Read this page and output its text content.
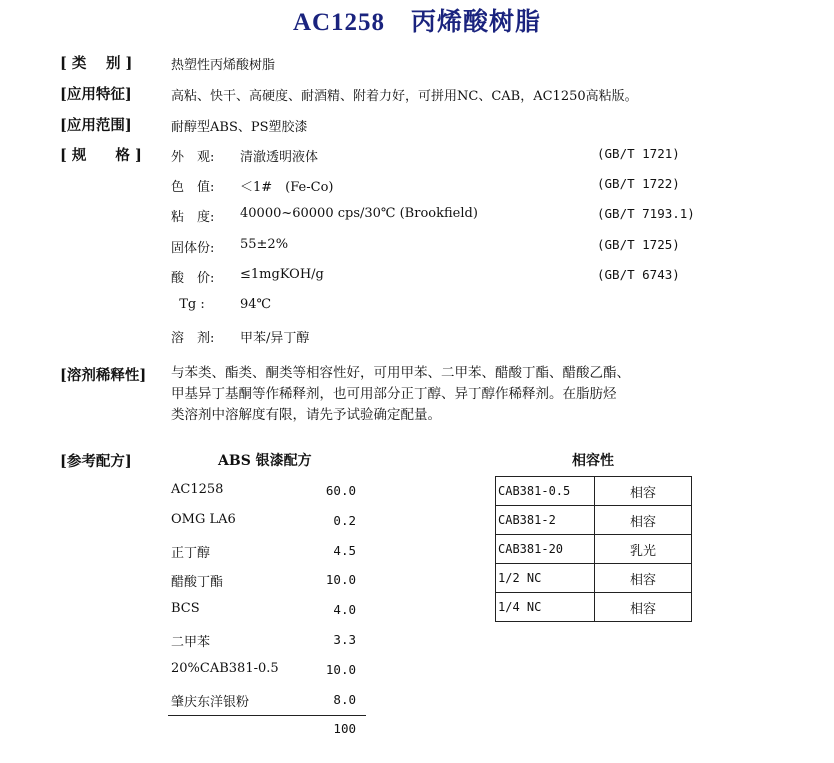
AC1258　丙烯酸树脂
[ 类　 别 ]	热塑性丙烯酸树脂
[应用特征]	高粘、快干、高硬度、耐酒精、附着力好，可拼用NC、CAB，AC1250高粘版。
[应用范围]	耐醇型ABS、PS塑胶漆
[ 规　　格 ] 外　观: 清澈透明液体	(GB/T 1721)
色　值: ＜1#　(Fe-Co)	(GB/T 1722)
粘　度: 40000~60000 cps/30℃ (Brookfield)	(GB/T 7193.1)
固体份: 55±2%	(GB/T 1725)
酸　价: ≤1mgKOH/g	(GB/T 6743)
Tg :	94℃
溶　剂: 甲苯/异丁醇
[溶剂稀释性] 与苯类、酯类、酮类等相容性好，可用甲苯、二甲苯、醋酸丁酯、醋酸乙酯、
甲基异丁基酮等作稀释剂，也可用部分正丁醇、异丁醇作稀释剂。在脂肪烃
类溶剂中溶解度有限，请先予试验确定配量。
[参考配方]	ABS 银漆配方
AC1258	60.0
OMG LA6	0.2
正丁醇	4.5
醋酸丁酯	10.0
BCS	4.0
二甲苯	3.3
20%CAB381-0.5	10.0
肇庆东洋银粉	8.0
100
相容性
CAB381-0.5	相容
CAB381-2	相容
CAB381-20	乳光
1/2 NC	相容
1/4 NC	相容
